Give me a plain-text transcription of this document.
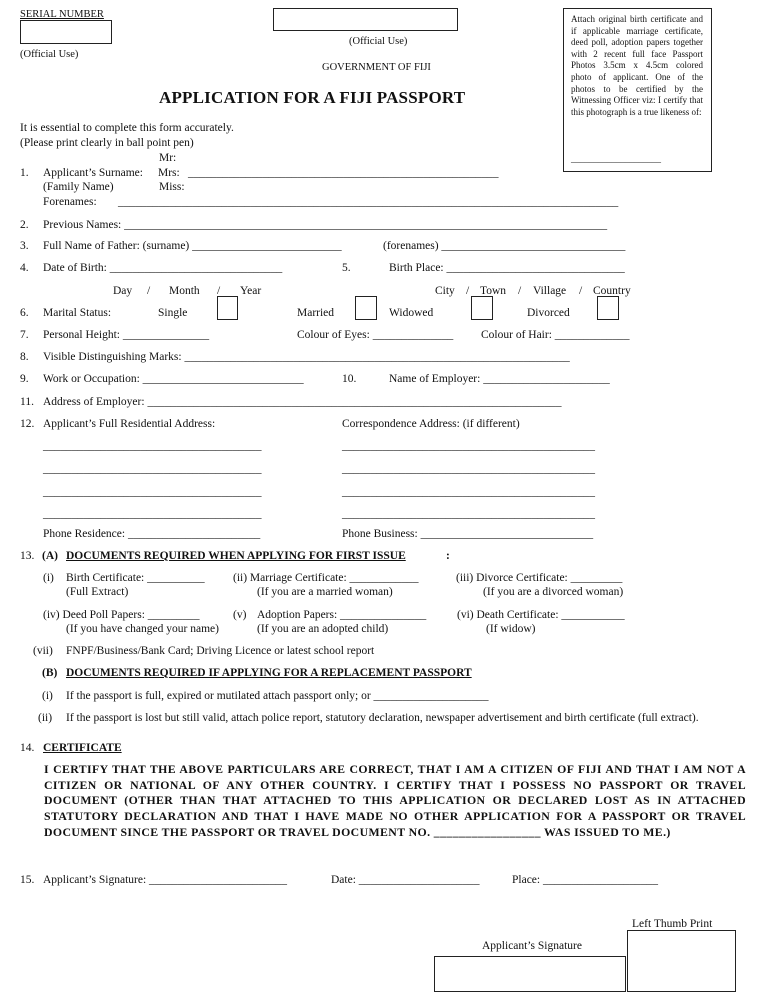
SERIAL NUMBER
(Official Use)
(Official Use)
GOVERNMENT OF FIJI
APPLICATION FOR A FIJI PASSPORT
Attach original birth certificate and if applicable marriage certificate, deed poll, adoption papers together with 2 recent full face Passport Photos 3.5cm x 4.5cm colored photo of applicant. One of the photos to be certified by the Witnessing Officer viz: I certify that this photograph is a true likeness of:
____________________
It is essential to complete this form accurately.
(Please print clearly in ball point pen)
Mr:
1. Applicant’s Surname: Mrs: ______________________________________________________
(Family Name)	Miss:
Forenames: _______________________________________________________________________________________
2. Previous Names: ____________________________________________________________________________________
3. Full Name of Father: (surname) __________________________	(forenames) ________________________________
4. Date of Birth: ______________________________	5.	Birth Place: _______________________________
Day / Month / Year	City / Town / Village / Country
6. Marital Status:	Single	Married	Widowed	Divorced
7. Personal Height: _______________	Colour of Eyes: ______________ Colour of Hair: _____________
8. Visible Distinguishing Marks: ___________________________________________________________________
9. Work or Occupation: ____________________________	10.	Name of Employer: ______________________
11. Address of Employer: ________________________________________________________________________
12. Applicant’s Full Residential Address:	Correspondence Address: (if different)
______________________________________	____________________________________________
______________________________________	____________________________________________
______________________________________	____________________________________________
______________________________________	____________________________________________
Phone Residence: _______________________	Phone Business: ______________________________
13. (A) DOCUMENTS REQUIRED WHEN APPLYING FOR FIRST ISSUE	:
(i) Birth Certificate: __________
(Full Extract)
(ii) Marriage Certificate: ____________
(If you are a married woman)
(iii) Divorce Certificate: _________
(If you are a divorced woman)
(iv) Deed Poll Papers: _________
(If you have changed your name)
(v) Adoption Papers: _______________
(If you are an adopted child)
(vi) Death Certificate: ___________
(If widow)
(vii) FNPF/Business/Bank Card; Driving Licence or latest school report
(B) DOCUMENTS REQUIRED IF APPLYING FOR A REPLACEMENT PASSPORT
(i) If the passport is full, expired or mutilated attach passport only; or ____________________
(ii) If the passport is lost but still valid, attach police report, statutory declaration, newspaper advertisement and birth certificate (full extract).
14. CERTIFICATE
I CERTIFY THAT THE ABOVE PARTICULARS ARE CORRECT, THAT I AM A CITIZEN OF FIJI AND THAT I AM NOT A CITIZEN OR NATIONAL OF ANY OTHER COUNTRY. I CERTIFY THAT I POSSESS NO PASSPORT OR TRAVEL DOCUMENT (OTHER THAN THAT ATTACHED TO THIS APPLICATION OR DECLARED LOST AS IN ATTACHED STATUTORY DECLARATION AND THAT I HAVE MADE NO OTHER APPLICATION FOR A PASSPORT OR TRAVEL DOCUMENT SINCE THE PASSPORT OR TRAVEL DOCUMENT NO. _________________ WAS ISSUED TO ME.)
15. Applicant’s Signature: ________________________	Date: _____________________	Place: ____________________
Left Thumb Print
Applicant’s Signature
